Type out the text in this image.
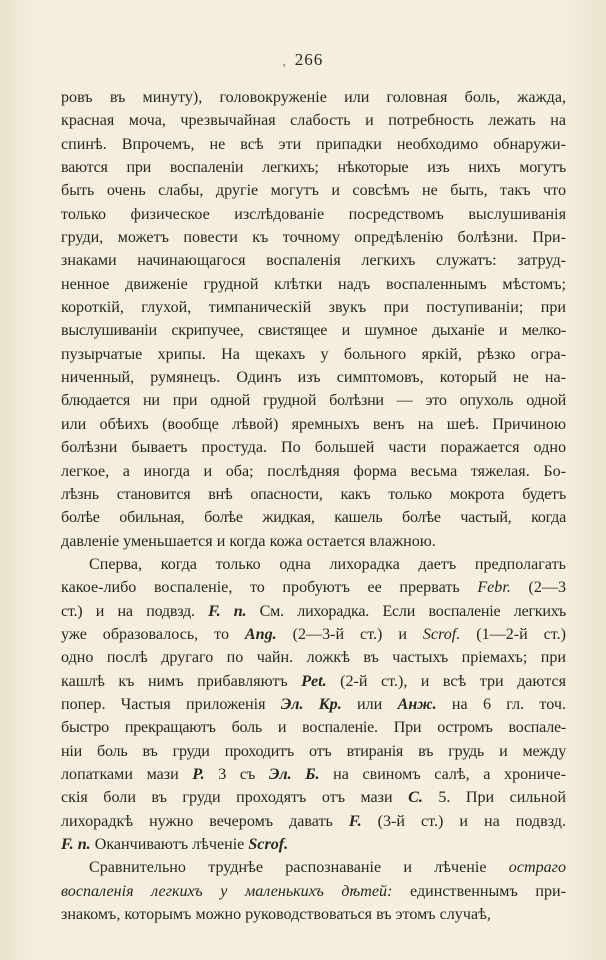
, 266
ровъ въ минуту), головокруженіе или головная боль, жажда,
красная моча, чрезвычайная слабость и потребность лежать на
спинѣ. Впрочемъ, не всѣ эти припадки необходимо обнаружи-
ваются при воспаленіи легкихъ; нѣкоторые изъ нихъ могутъ
быть очень слабы, другіе могутъ и совсѣмъ не быть, такъ что
только физическое изслѣдованіе посредствомъ выслушиванія
груди, можетъ повести къ точному опредѣленію болѣзни. При-
знаками начинающагося воспаленія легкихъ служатъ: затруд-
ненное движеніе грудной клѣтки надъ воспаленнымъ мѣстомъ;
короткій, глухой, тимпаническій звукъ при поступиваніи; при
выслушиваніи скрипучее, свистящее и шумное дыханіе и мелко-
пузырчатые хрипы. На щекахъ у больного яркій, рѣзко огра-
ниченный, румянецъ. Одинъ изъ симптомовъ, который не на-
блюдается ни при одной грудной болѣзни — это опухоль одной
или обѣихъ (вообще лѣвой) яремныхъ венъ на шеѣ. Причиною
болѣзни бываетъ простуда. По большей части поражается одно
легкое, а иногда и оба; послѣдняя форма весьма тяжелая. Бо-
лѣзнь становится внѣ опасности, какъ только мокрота будетъ
болѣе обильная, болѣе жидкая, кашель болѣе частый, когда
давленіе уменьшается и когда кожа остается влажною.
Сперва, когда только одна лихорадка даетъ предполагать
какое-либо воспаленіе, то пробуютъ ее прервать Febr. (2—3
ст.) и на подвзд. F. n. См. лихорадка. Если воспаленіе легкихъ
уже образовалось, то Ang. (2—3-й ст.) и Scrof. (1—2-й ст.)
одно послѣ другаго по чайн. ложкѣ въ частыхъ пріемахъ; при
кашлѣ къ нимъ прибавляютъ Pet. (2-й ст.), и всѣ три даются
попер. Частыя приложенія Эл. Кр. или Анж. на 6 гл. точ.
быстро прекращаютъ боль и воспаленіе. При остромъ воспале-
ніи боль въ груди проходитъ отъ втиранія въ грудь и между
лопатками мази Р. 3 съ Эл. Б. на свиномъ салѣ, а хрониче-
скія боли въ груди проходятъ отъ мази С. 5. При сильной
лихорадкѣ нужно вечеромъ давать F. (3-й ст.) и на подвзд.
F. n. Оканчиваютъ лѣченіе Scrof.
Сравнительно труднѣе распознаваніе и лѣченіе остраго
воспаленія легкихъ у маленькихъ дѣтей: единственнымъ при-
знакомъ, которымъ можно руководствоваться въ этомъ случаѣ,
